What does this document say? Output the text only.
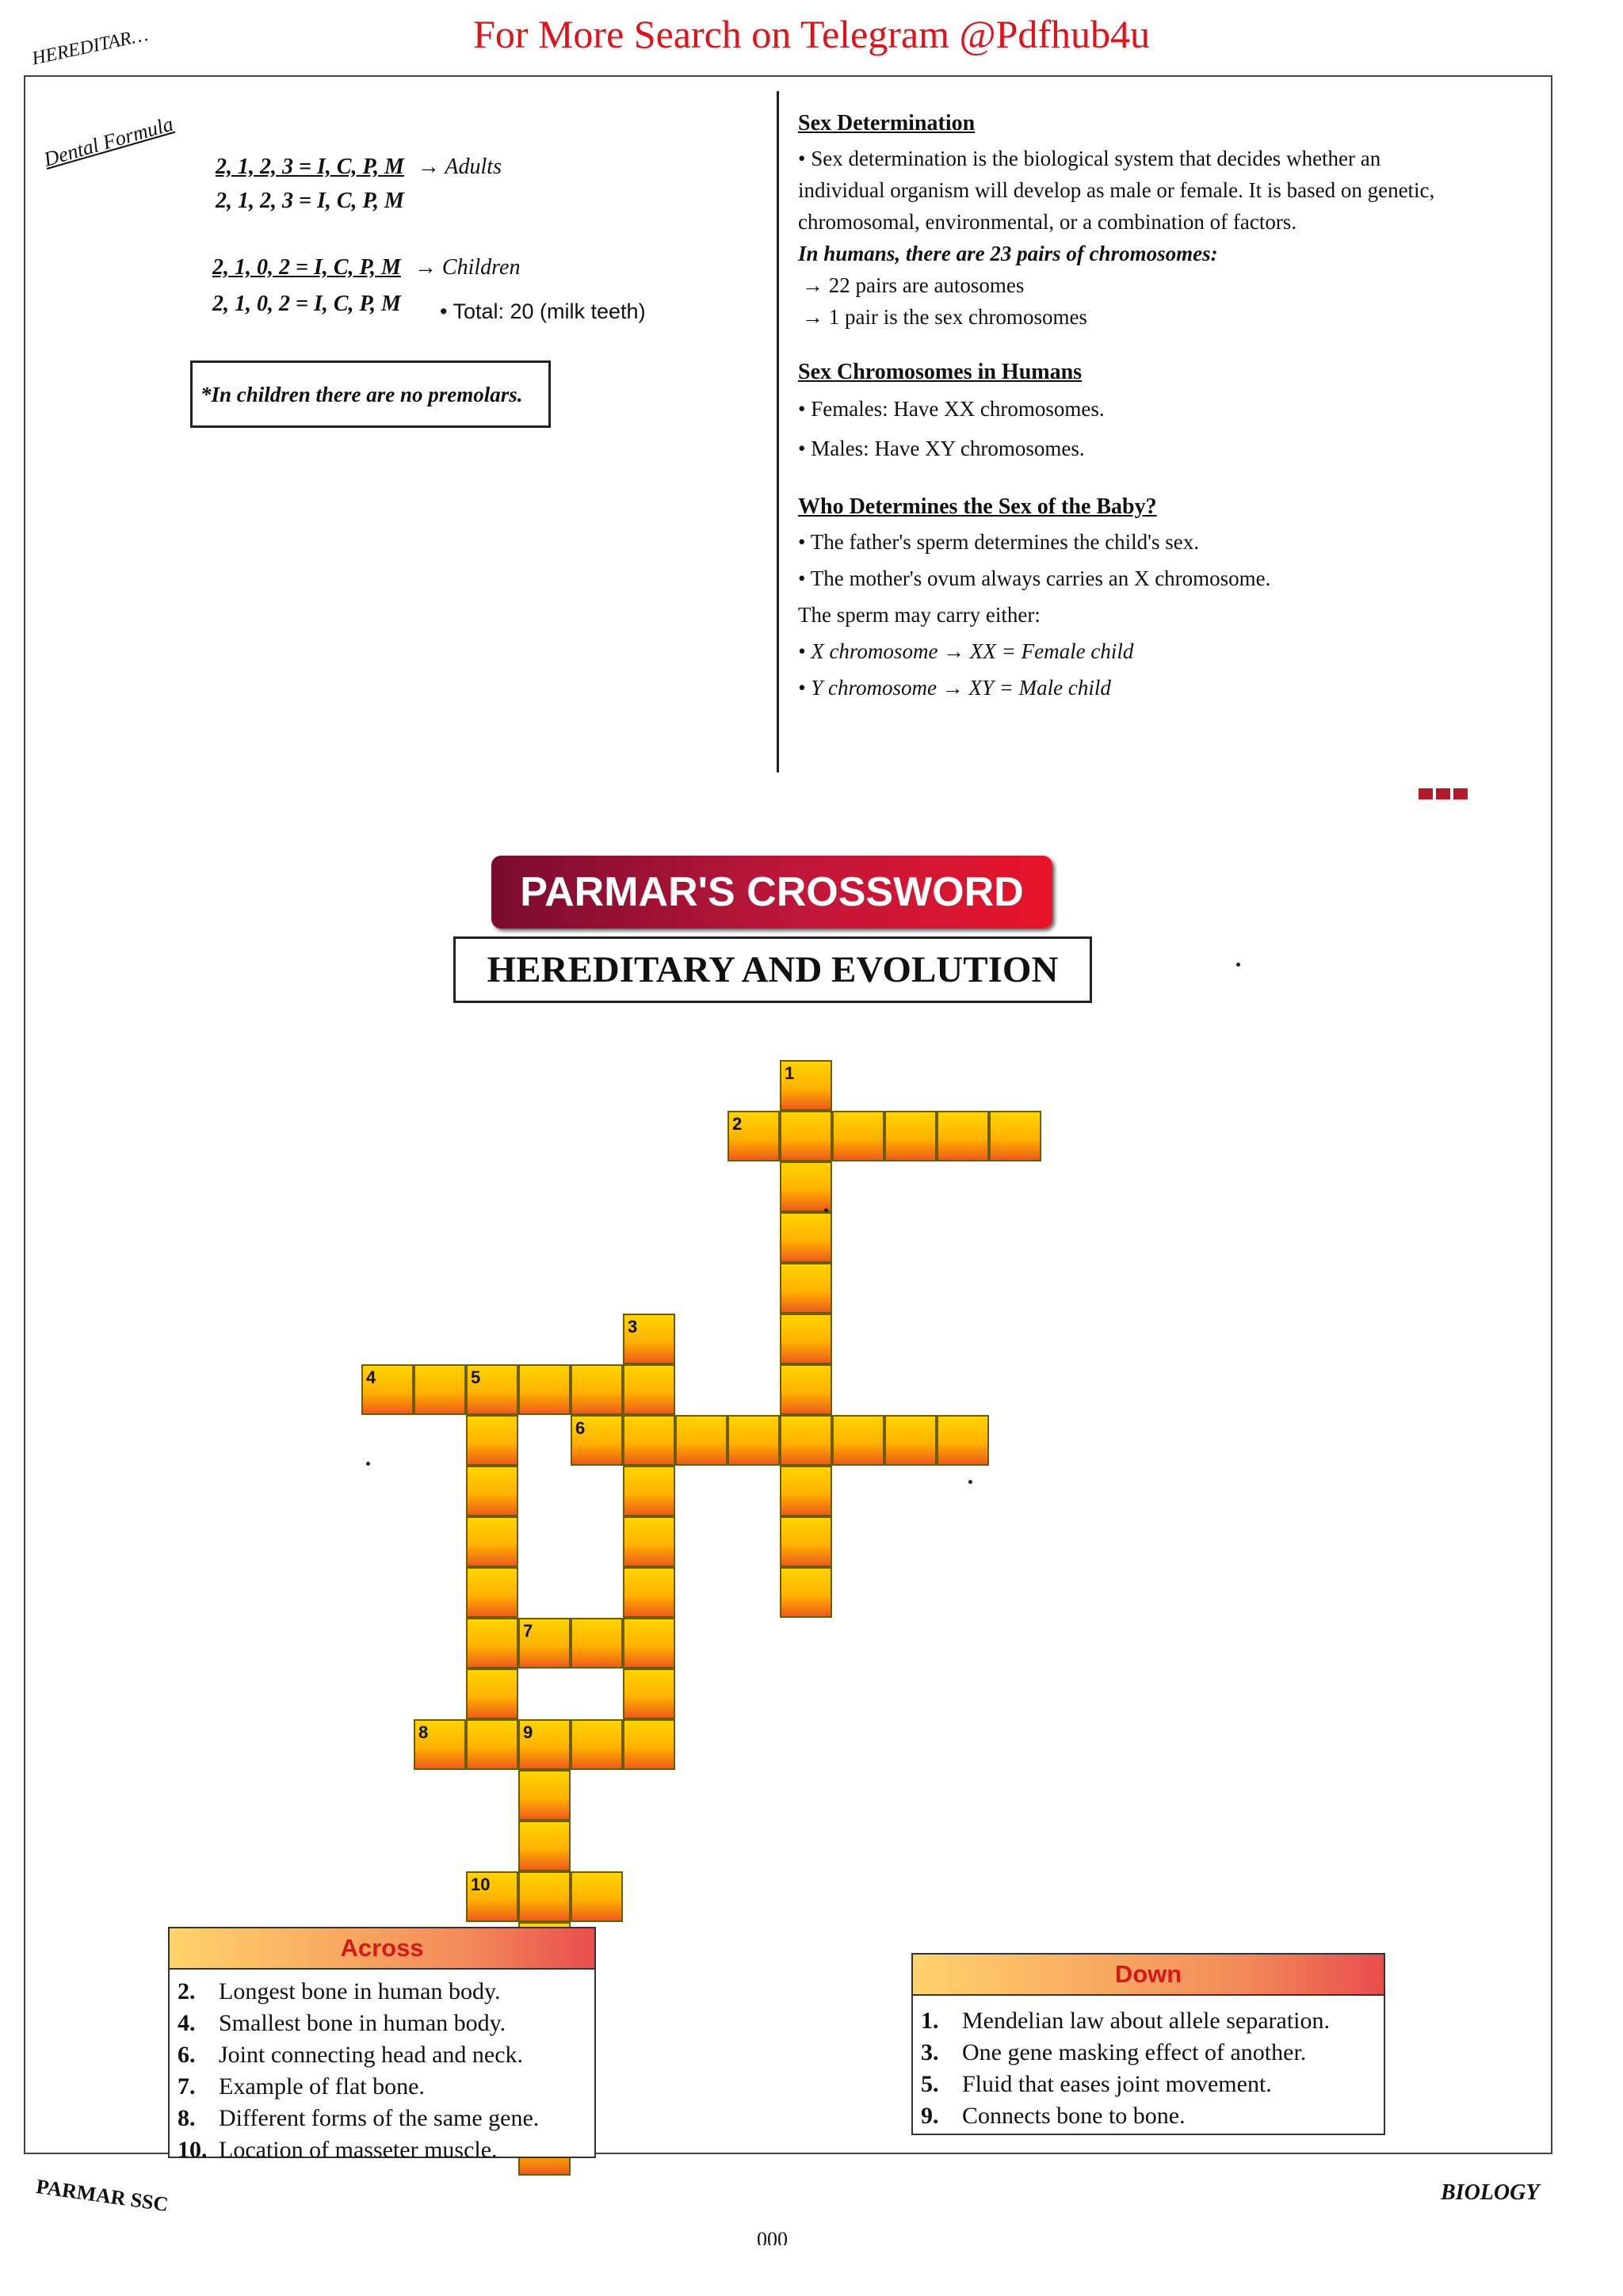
For More Search on Telegram @Pdfhub4u
HEREDITAR…
Dental Formula 2, 1, 2, 3 = I, C, P, M → Adults
2, 1, 2, 3 = I, C, P, M
2, 1, 0, 2 = I, C, P, M → Children
2, 1, 0, 2 = I, C, P, M • Total: 20 (milk teeth)
*In children there are no premolars.
Sex Determination
• Sex determination is the biological system that decides whether an
individual organism will develop as male or female. It is based on genetic,
chromosomal, environmental, or a combination of factors.
In humans, there are 23 pairs of chromosomes:
→ 22 pairs are autosomes
→ 1 pair is the sex chromosomes
Sex Chromosomes in Humans
• Females: Have XX chromosomes.
• Males: Have XY chromosomes.
Who Determines the Sex of the Baby?
• The father's sperm determines the child's sex.
• The mother's ovum always carries an X chromosome.
The sperm may carry either:
• X chromosome → XX = Female child
• Y chromosome → XY = Male child
PARMAR'S CROSSWORD
HEREDITARY AND EVOLUTION
1
2
3
4	5
6
7
8	9
10
Across
2. Longest bone in human body.
4. Smallest bone in human body.
6. Joint connecting head and neck.
7. Example of flat bone.
8. Different forms of the same gene.
10. Location of masseter muscle.
Down
1. Mendelian law about allele separation.
3. One gene masking effect of another.
5. Fluid that eases joint movement.
9. Connects bone to bone.
PARMAR SSC	BIOLOGY
000
